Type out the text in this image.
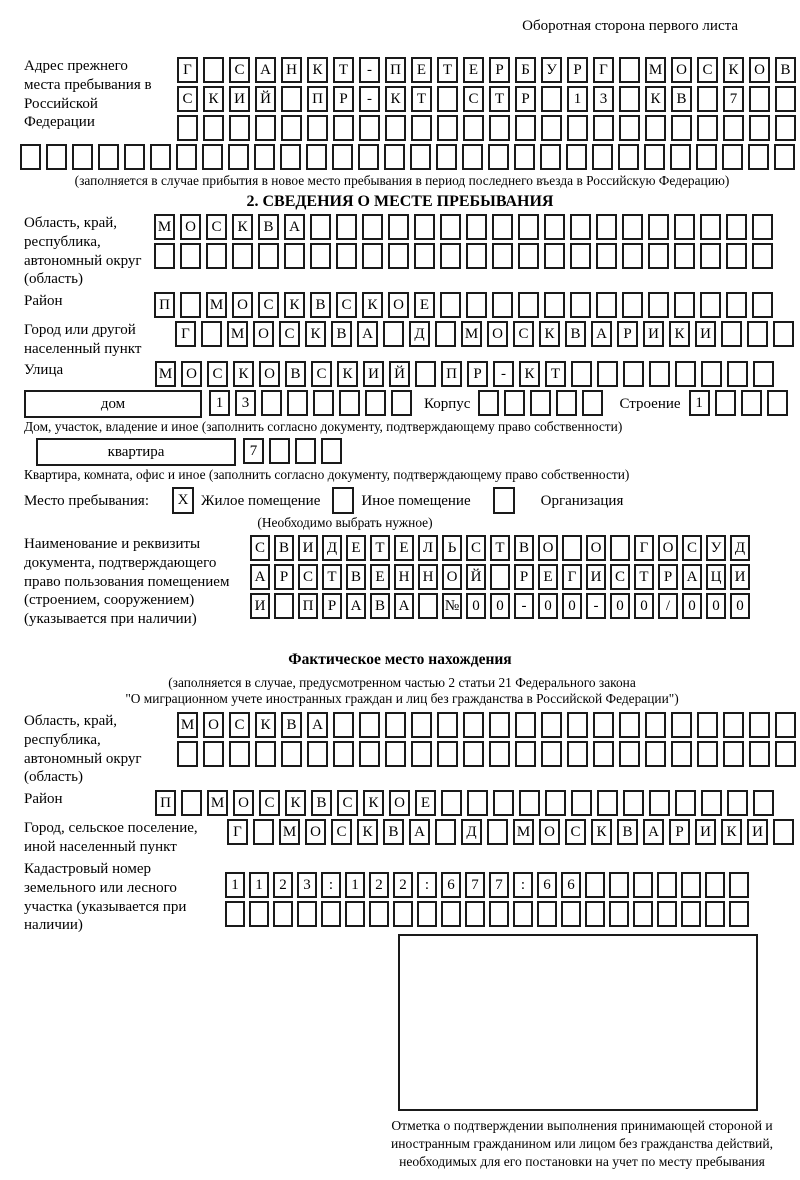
Оборотная сторона первого листа
Адрес прежнего места пребывания в Российской Федерации
Г	С	А	Н	К	Т	-	П	Е	Т	Е	Р	Б	У	Р	Г	М О	С	К	О	В
С	К	И	Й	П	Р	-	К	Т	С	Т	Р	1	3	К	В	7
(заполняется в случае прибытия в новое место пребывания в период последнего въезда в Российскую Федерацию)
2. СВЕДЕНИЯ О МЕСТЕ ПРЕБЫВАНИЯ
Область, край, республика, автономный округ (область)
М О	С	К	В	А
Район	П	М О	С	К	В	С	К	О	Е
Город или другой населенный пункт
Г	М О	С	К	В	А	Д	М О	С	К	В	А	Р	И	К	И
Улица	М О	С	К	О	В	С	К	И	Й	П	Р	-	К	Т
дом	1	3	Корпус	Строение 1
Дом, участок, владение и иное (заполнить согласно документу, подтверждающему право собственности)
квартира	7
Квартира, комната, офис и иное (заполнить согласно документу, подтверждающему право собственности)
Место пребывания:	X Жилое помещение	Иное помещение	Организация
(Необходимо выбрать нужное)
Наименование и реквизиты документа, подтверждающего право пользования помещением (строением, сооружением) (указывается при наличии)
С В И Д Е Т Е Л Ь С Т В О	О	Г О С У Д
А Р С Т В Е Н Н О Й	Р	Е	Г И С Т	Р А Ц И
И	П Р А В А	№ 0	0	-	0	0	-	0	0	/	0	0	0
Фактическое место нахождения
(заполняется в случае, предусмотренном частью 2 статьи 21 Федерального закона
"О миграционном учете иностранных граждан и лиц без гражданства в Российской Федерации")
Область, край, республика, автономный округ (область)
М О	С	К	В	А
Район	П	М О	С	К	В	С	К	О	Е
Город, сельское поселение, иной населенный пункт
Г	М О	С	К	В	А	Д	М О	С	К	В	А	Р	И	К	И
Кадастровый номер земельного или лесного участка (указывается при наличии)
1	1	2	3	:	1	2	2	:	6	7	7	:	6	6
Отметка о подтверждении выполнения принимающей стороной и иностранным гражданином или лицом без гражданства действий, необходимых для его постановки на учет по месту пребывания
